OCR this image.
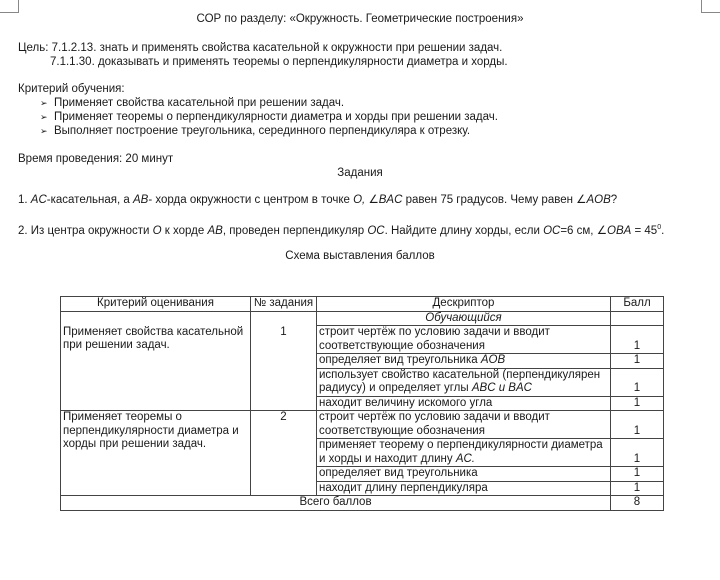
СОР по разделу: «Окружность. Геометрические построения»
Цель: 7.1.2.13. знать и применять свойства касательной к окружности при решении задач.
7.1.1.30. доказывать и применять теоремы о перпендикулярности диаметра и хорды.
Критерий обучения:
➢ Применяет свойства касательной при решении задач.
➢ Применяет теоремы о перпендикулярности диаметра и хорды при решении задач.
➢ Выполняет построение треугольника, серединного перпендикуляра к отрезку.
Время проведения: 20 минут
Задания
1. AC-касательная, а AB- хорда окружности с центром в точке O, ∠BAC равен 75 градусов. Чему равен ∠AOB?
2. Из центра окружности O к хорде AB, проведен перпендикуляр OC. Найдите длину хорды, если OC=6 см, ∠OBA = $45^0$.
Схема выставления баллов
Критерий оценивания	№ задания	Дескриптор	Балл
		Обучающийся	
Применяет свойства касательной при решении задач.	1	строит чертёж по условию задачи и вводит соответствующие обозначения	1
		определяет вид треугольника AOB	1
		использует свойство касательной (перпендикулярен радиусу) и определяет углы ABC и BAC	1
		находит величину искомого угла	1

Применяет теоремы о перпендикулярности диаметра и хорды при решении задач.	2	строит чертёж по условию задачи и вводит соответствующие обозначения	1
		применяет теорему о перпендикулярности диаметра и хорды и находит длину AC.	1
		определяет вид треугольника	1
		находит длину перпендикуляра	1
Всего баллов			8
